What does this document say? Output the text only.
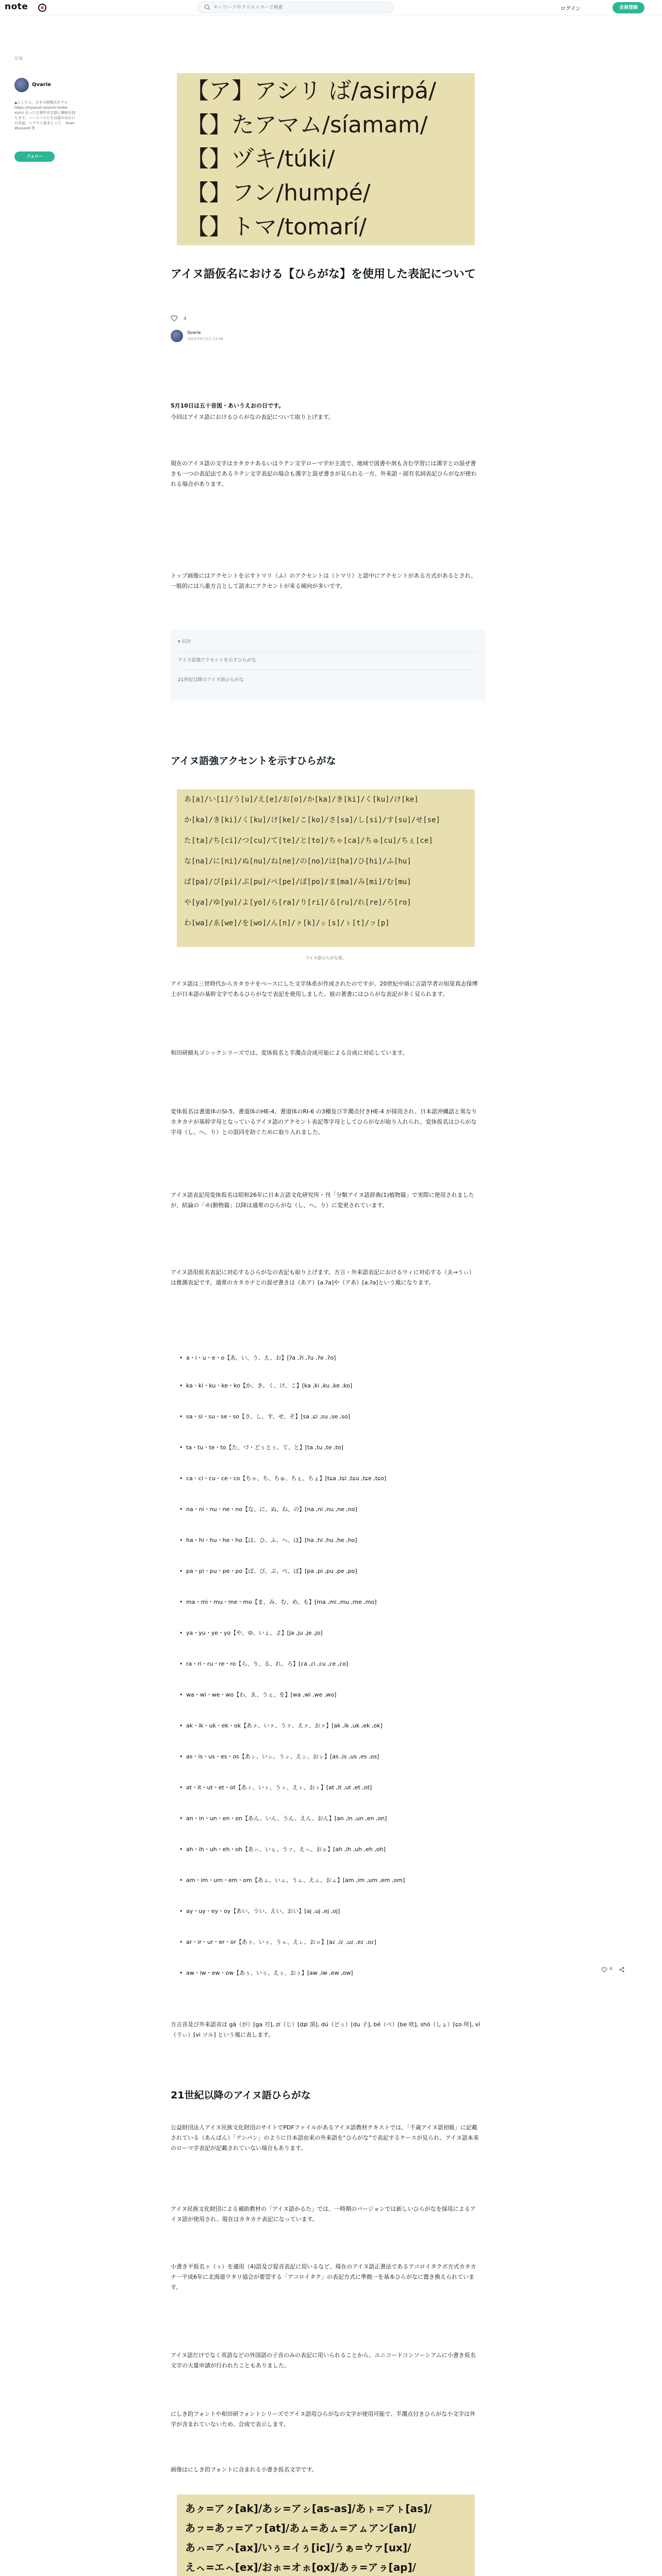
note
キーワードやクリエイターで検索	ログイン	会員登録
記事
Qvarie
▲としたら、古手の時期式字クエ https://myaooil-asiavm-reoke-xy(n) 去ったな事件名字語に興味を持ちます。ハーツパラにちは語のほかに日本語、ヘブライ語まとって、 Kuan Wysuard 等
フォロー
【ア】アシリ ば/asirpá/
【】たアマム/síamam/
【】ヅキ/túki/
【】フン/humpé/
【】トマ/tomarí/
アイヌ語仮名における【ひらがな】を使用した表記について
4
Qvarie
2022年6月2日 12:44
5月10日は五十音図・あいうえおの日です。
今回はアイヌ語におけるひらがなの表記について取り上げます。
現在のアイヌ語の文字はカタカナあるいはラテン文字ローマ字が主流で、地域で図書や剤も含む学習には漢字との混ぜ書きも一つの表記法であるラテン文字表記の場合も漢字と混ぜ書きが見られる一方、外来語・固有名詞表記ひらがなが使われる場合があります。
トップ画像にはアクセントを示すトマリ（ふ）のアクセントは（トマリ）と語中にアクセントがある方式があるとされ、一般的には八重方言として語末にアクセントが来る傾向が多いです。
▾ 目次
アイヌ語強アクセントを示すひらがな
21世紀以降のアイヌ語ひらがな
アイヌ語強アクセントを示すひらがな
あ[a]/い[i]/う[u]/え[e]/お[o]/か[ka]/き[ki]/く[ku]/け[ke]
か[ka]/き[ki]/く[ku]/け[ke]/こ[ko]/さ[sa]/し[si]/す[su]/せ[se]
た[ta]/ち[ci]/つ[cu]/て[te]/と[to]/ちゃ[ca]/ちゅ[cu]/ちぇ[ce]
な[na]/に[ni]/ぬ[nu]/ね[ne]/の[no]/は[ha]/ひ[hi]/ふ[hu]
ぱ[pa]/ぴ[pi]/ぷ[pu]/ぺ[pe]/ぽ[po]/ま[ma]/み[mi]/む[mu]
や[ya]/ゆ[yu]/よ[yo]/ら[ra]/り[ri]/る[ru]/れ[re]/ろ[ro]
わ[wa]/ゑ[we]/を[wo]/ん[n]/ㇰ[k]/ㇱ[s]/ㇳ[t]/ㇷ[p]
アイヌ語ひらがな表。
アイヌ語は三世時代からカタカナをベースにした文字体系が作成されたのですが、20世紀中頃に言語学者の知里真志保博士が日本語の基幹文字であるひらがなで表記を使用しました。彼の著書にはひらがな表記が多く見られます。
和田研細丸ゴシックシリーズでは、変体仮名と半濁点合成可能による合成に対応しています。
変体仮名は書道体のSI-5、書道体のHE-4、書道体のRI-6 の3種及び半濁点付きHE-4 が採用され、日本語沖縄語と異なりカタカナが基幹字母となっているアイヌ語のアクセント表記等字母としてひらがなが取り入れられ、変体仮名はひらがな字母（し、へ、り）との混同を防ぐために取り入れました。
アイヌ語表記用変体仮名は昭和26年に日本言語文化研究所・刊「分類アイヌ語辞典(1)植物篇」で実際に使用されましたが、結論の「ヰ(動物篇」以降は通常のひらがな（し、へ、り）に変更されています。
アイヌ語用仮名表記に対応するひらがなの表記も取り上げます。方言・外来語表記におけるウィに対応する（ゑ→うぃ）は推測表記です。通常のカタカナとの混ぜ書きは（あア）[a.ʔa]や（アあ）[a.ʔa]という風になります。
• a・i・u・e・o【あ、い、う、え、お】[ʔa ,ʔi ,ʔu ,ʔe ,ʔo]
• ka・ki・ku・ke・ko【か、き、く、け、こ】[ka ,ki ,ku ,ke ,ko]
• sa・si・su・se・so【さ、し、す、せ、そ】[sa ,ɕi ,su ,se ,so]
• ta・tu・te・to【た、づ・どぅとぅ、て、と】[ta ,tu ,te ,to]
• ca・ci・cu・ce・co【ちゃ、ち、ちゅ、ちぇ、ちょ】[tɕa ,tɕi ,tɕu ,tɕe ,tɕo]
• na・ni・nu・ne・no【な、に、ぬ、ね、の】[na ,ni ,nu ,ne ,no]
• ha・hi・hu・he・ho【は、ひ、ふ、へ、ほ】[ha ,hi ,hu ,he ,ho]
• pa・pi・pu・pe・po【ぱ、ぴ、ぷ、ぺ、ぽ】[pa ,pi ,pu ,pe ,po]
• ma・mi・mu・me・mo【ま、み、む、め、も】[ma ,mi ,mu ,me ,mo]
• ya・yu・ye・yo【や、ゆ、いぇ、よ】[ja ,ju ,je ,jo]
• ra・ri・ru・re・ro【ら、り、る、れ、ろ】[ɾa ,ɾi ,ɾu ,ɾe ,ɾo]
• wa・wi・we・wo【わ、ゑ、うぇ、を】[wa ,wi ,we ,wo]
• ak・ik・uk・ek・ok【あㇰ、いㇰ、うㇰ、えㇰ、おㇰ】[ak ,ik ,uk ,ek ,ok]
• as・is・us・es・os【あㇱ、いㇱ、うㇱ、えㇱ、おㇱ】[as ,is ,us ,es ,os]
• at・it・ut・et・ot【あㇳ、いㇳ、うㇳ、えㇳ、おㇳ】[at ,it ,ut ,et ,ot]
• an・in・un・en・on【あん、いん、うん、えん、おん】[an ,in ,un ,en ,on]
• ah・ih・uh・eh・oh【あㇵ、いㇶ、うㇷ、えㇸ、おㇹ】[ah ,ih ,uh ,eh ,oh]
• am・im・um・em・om【あㇺ、いㇺ、うㇺ、えㇺ、おㇺ】[am ,im ,um ,em ,om]
• ay・uy・ey・oy【あい、うい、えい、おい】[aj ,uj ,ej ,oj]
• ar・ir・ur・er・or【あㇻ、いㇼ、うㇽ、えㇾ、おㇿ】[aɾ ,iɾ ,uɾ ,eɾ ,oɾ]
• aw・iw・ew・ow【あぅ、いぅ、えぅ、おぅ】[aw ,iw ,ew ,ow]
方言音及び外来語音は gá（が）[ga 刃], zí（じ）[dʑi 頂], dú（どぅ）[du 子], bé（べ）[be 吠], shó（しょ）[ɕo 所], ví（ゔぃ）[vi ソル] という風に表します。
21世紀以降のアイヌ語ひらがな
公益財団法人アイヌ民族文化財団のサイトでPDFファイルがあるアイヌ語教材テキストでは、「千歳アイヌ語初級」に記載されている（あんぱん）「アンパン」のように日本語由来の外来語を“ひらがな”で表記するケースが見られ、アイヌ語本来のローマ字表記が記載されていない場合もあります。
アイヌ民族文化財団による補助教材の「アイヌ語かるた」では、一時期のバージョンでは新しいひらがなを採用によるアイヌ語が使用され、現在はカタカナ表記になっています。
小書き平仮名ㇰ（ぅ）を適用（4)語及び促音表記に用いるなど、現在のアイヌ語正書法であるアコロイタクポ方式カタカナ一平成6年に北海道ウタリ協会が要望する「アコロイタク」の表記方式に準拠一を基本ひらがなに置き換えられています。
アイヌ語だけでなく英語などの外国語の子音のみの表記に用いられることから、ユニコードコンソーシアムに小書き仮名文字の大量申請が行われたこともありました。
にしき的フォントや和田研フォントシリーズでアイヌ語用ひらがなの文字が使用可能で、半濁点付きひらがな小文字は外字が含まれていないため、合成で表示します。
画像はにしき的フォントに含まれる小書き仮名文字です。
あㇰ=アㇰ[ak]/あㇱ=アㇱ[as-as]/あㇳ=アㇳ[as]/
あㇷ=あㇷ=アㇷ[at]/あㇺ=あㇺ=アㇺアン[an]/
あㇵ=アㇵ[ax]/いぅ=イぅ[ic]/うぁ=ウァ[ux]/
えㇸ=エㇸ[ex]/おㇹ=オㇹ[ox]/あㇻ=アㇻ[ap]/
4
